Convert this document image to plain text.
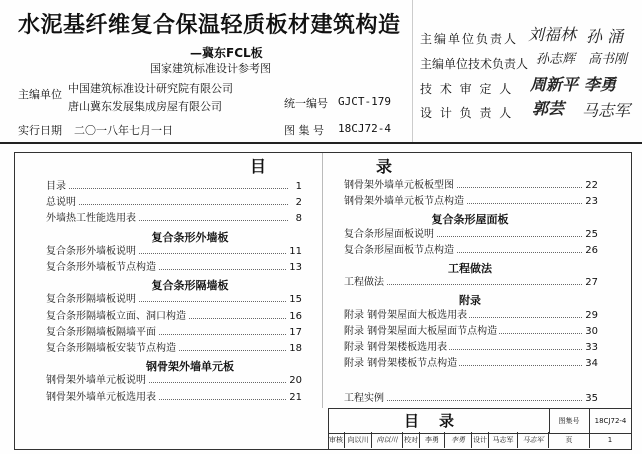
水泥基纤维复合保温轻质板材建筑构造
—冀东FCL板
国家建筑标准设计参考图
主编单位 中国建筑标准设计研究院有限公司
唐山冀东发展集成房屋有限公司	统一编号 GJCT-179
实行日期 二〇一八年七月一日	图 集 号 18CJ72-4
主编单位负责人 刘福林 孙 涌
主编单位技术负责人 孙志辉 高书刚
技 术 审 定 人 周新平 李勇
设 计 负 责 人 郭芸 马志军
目	录
目录	1
总说明	2
外墙热工性能选用表	8
复合条形外墙板
复合条形外墙板说明	11
复合条形外墙板节点构造	13
复合条形隔墙板
复合条形隔墙板说明	15
复合条形隔墙板立面、洞口构造	16
复合条形隔墙板隔墙平面	17
复合条形隔墙板安装节点构造	18
钢骨架外墙单元板
钢骨架外墙单元板说明	20
钢骨架外墙单元板选用表	21
钢骨架外墙单元板板型图	22
钢骨架外墙单元板节点构造	23
复合条形屋面板
复合条形屋面板说明	25
复合条形屋面板节点构造	26
工程做法
工程做法	27
附录
附录 钢骨架屋面大板选用表	29
附录 钢骨架屋面大板屋面节点构造	30
附录 钢骨架楼板选用表	33
附录 钢骨架楼板节点构造	34
工程实例	35
目录	图集号	18CJ72-4
审核 向以川	向以川 校对	李勇	李勇	设计 马志军	马志军	页	1
